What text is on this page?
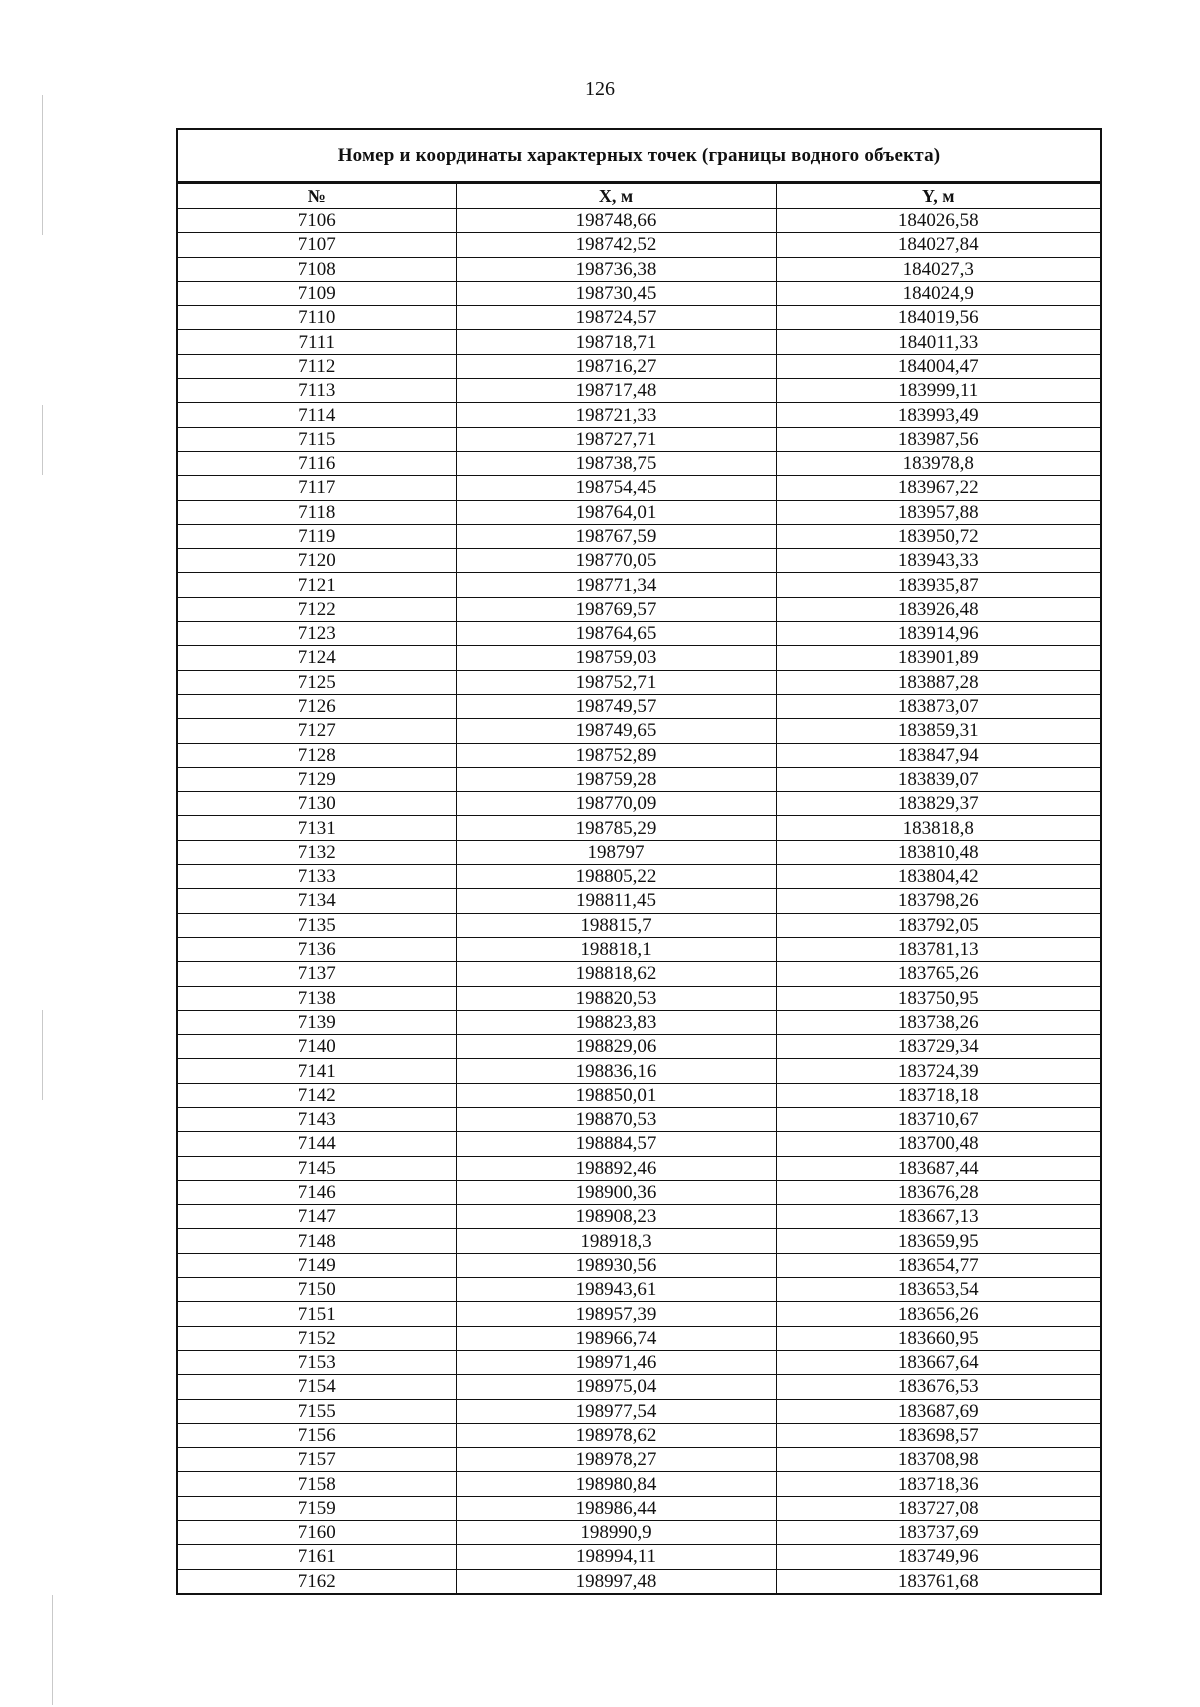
126
Номер и координаты характерных точек (границы водного объекта)
№	X, м	Y, м
7106	198748,66	184026,58
7107	198742,52	184027,84
7108	198736,38	184027,3
7109	198730,45	184024,9
7110	198724,57	184019,56
7111	198718,71	184011,33
7112	198716,27	184004,47
7113	198717,48	183999,11
7114	198721,33	183993,49
7115	198727,71	183987,56
7116	198738,75	183978,8
7117	198754,45	183967,22
7118	198764,01	183957,88
7119	198767,59	183950,72
7120	198770,05	183943,33
7121	198771,34	183935,87
7122	198769,57	183926,48
7123	198764,65	183914,96
7124	198759,03	183901,89
7125	198752,71	183887,28
7126	198749,57	183873,07
7127	198749,65	183859,31
7128	198752,89	183847,94
7129	198759,28	183839,07
7130	198770,09	183829,37
7131	198785,29	183818,8
7132	198797	183810,48
7133	198805,22	183804,42
7134	198811,45	183798,26
7135	198815,7	183792,05
7136	198818,1	183781,13
7137	198818,62	183765,26
7138	198820,53	183750,95
7139	198823,83	183738,26
7140	198829,06	183729,34
7141	198836,16	183724,39
7142	198850,01	183718,18
7143	198870,53	183710,67
7144	198884,57	183700,48
7145	198892,46	183687,44
7146	198900,36	183676,28
7147	198908,23	183667,13
7148	198918,3	183659,95
7149	198930,56	183654,77
7150	198943,61	183653,54
7151	198957,39	183656,26
7152	198966,74	183660,95
7153	198971,46	183667,64
7154	198975,04	183676,53
7155	198977,54	183687,69
7156	198978,62	183698,57
7157	198978,27	183708,98
7158	198980,84	183718,36
7159	198986,44	183727,08
7160	198990,9	183737,69
7161	198994,11	183749,96
7162	198997,48	183761,68
